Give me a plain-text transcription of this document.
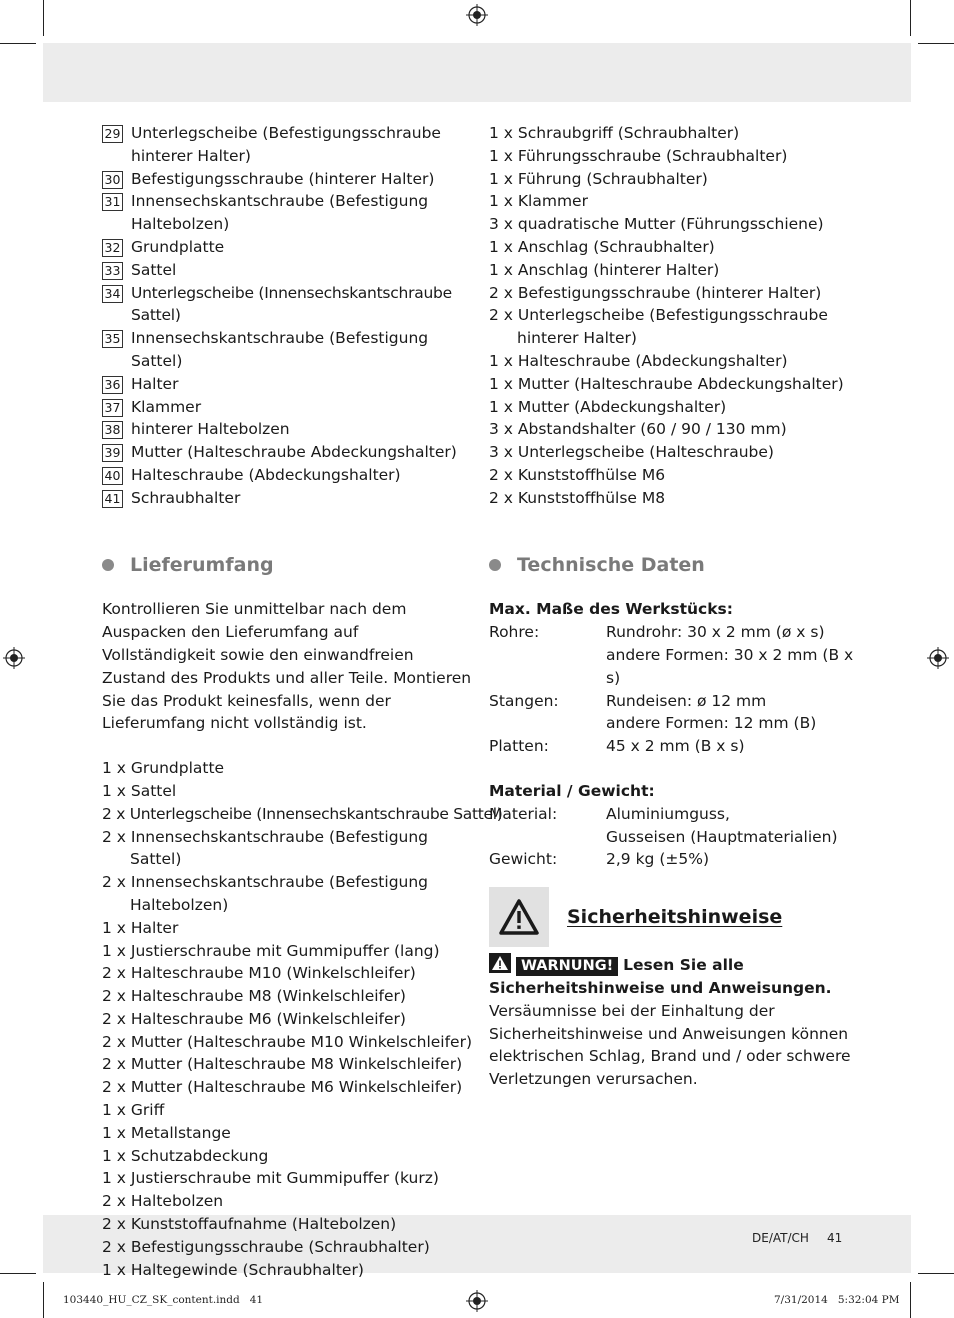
29 Unterlegscheibe (Befestigungsschraube hinterer Halter)
30 Befestigungsschraube (hinterer Halter)
31 Innensechskantschraube (Befestigung Haltebolzen)
32 Grundplatte
33 Sattel
34 Unterlegscheibe (Innensechskantschraube Sattel)
35 Innensechskantschraube (Befestigung Sattel)
36 Halter
37 Klammer
38 hinterer Haltebolzen
39 Mutter (Halteschraube Abdeckungshalter)
40 Halteschraube (Abdeckungshalter)
41 Schraubhalter
Lieferumfang

Kontrollieren Sie unmittelbar nach dem Auspacken den Lieferumfang auf Vollständigkeit sowie den einwandfreien Zustand des Produkts und aller Teile. Montieren Sie das Produkt keinesfalls, wenn der Lieferumfang nicht vollständig ist.

1 x Grundplatte

1 x Sattel

2 x Unterlegscheibe (Innensechskantschraube Sattel)

2 x Innensechskantschraube (Befestigung Sattel)

2 x Innensechskantschraube (Befestigung Haltebolzen)

1 x Halter

1 x Justierschraube mit Gummipuffer (lang)

2 x Halteschraube M10 (Winkelschleifer)

2 x Halteschraube M8 (Winkelschleifer)

2 x Halteschraube M6 (Winkelschleifer)

2 x Mutter (Halteschraube M10 Winkelschleifer)

2 x Mutter (Halteschraube M8 Winkelschleifer)

2 x Mutter (Halteschraube M6 Winkelschleifer)

1 x Griff

1 x Metallstange

1 x Schutzabdeckung

1 x Justierschraube mit Gummipuffer (kurz)

2 x Haltebolzen

2 x Kunststoffaufnahme (Haltebolzen)

2 x Befestigungsschraube (Schraubhalter)

1 x Haltegewinde (Schraubhalter)

1 x Schraubgriff (Schraubhalter)

1 x Führungsschraube (Schraubhalter)

1 x Führung (Schraubhalter)

1 x Klammer

3 x quadratische Mutter (Führungsschiene)

1 x Anschlag (Schraubhalter)

1 x Anschlag (hinterer Halter)

2 x Befestigungsschraube (hinterer Halter)

2 x Unterlegscheibe (Befestigungsschraube hinterer Halter)

1 x Halteschraube (Abdeckungshalter)

1 x Mutter (Halteschraube Abdeckungshalter)

1 x Mutter (Abdeckungshalter)

3 x Abstandshalter (60 / 90 / 130 mm)

3 x Unterlegscheibe (Halteschraube)

2 x Kunststoffhülse M6

2 x Kunststoffhülse M8

Technische Daten

Max. Maße des Werkstücks:

Rohre:	Rundrohr: 30 x 2 mm (ø x s)
andere Formen: 30 x 2 mm (B x s)
Stangen:	Rundeisen: ø 12 mm
andere Formen: 12 mm (B)
Platten:	45 x 2 mm (B x s)

Material / Gewicht:

Material:	Aluminiumguss,
Gusseisen (Hauptmaterialien)
Gewicht:	2,9 kg (±5%)
Sicherheitshinweise
WARNUNG! Lesen Sie alle

Sicherheitshinweise und Anweisungen.

Versäumnisse bei der Einhaltung der Sicherheitshinweise und Anweisungen können elektrischen Schlag, Brand und / oder schwere Verletzungen verursachen.

DE/AT/CH 41
103440_HU_CZ_SK_content.indd   41	7/31/2014   5:32:04 PM
